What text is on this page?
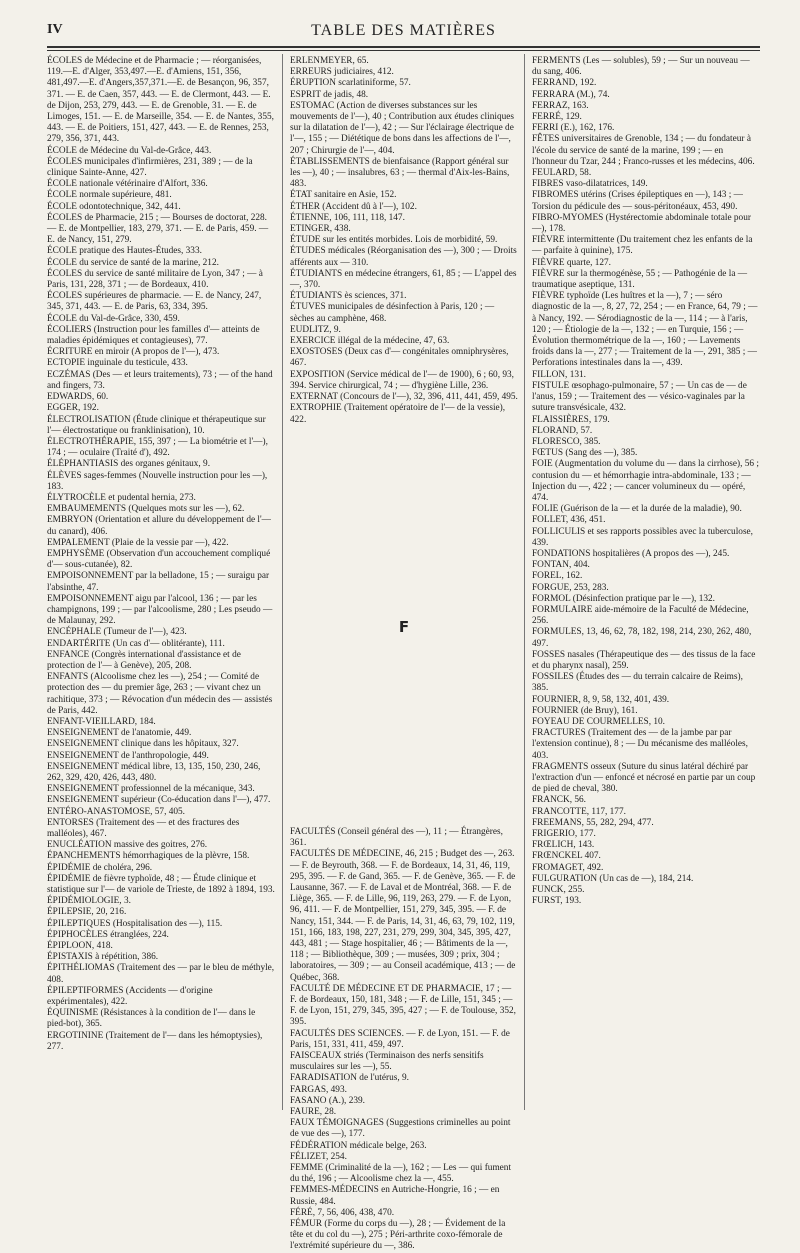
IV	TABLE DES MATIÈRES
ÉCOLES de Médecine et de Pharmacie ; — réorganisées, 119.—E. d'Alger, 353,497.—E. d'Amiens, 151, 356, 481,497.—E. d'Angers,357,371.—E. de Besançon, 96, 357, 371. — E. de Caen, 357, 443. — E. de Clermont, 443. — E. de Dijon, 253, 279, 443. — E. de Grenoble, 31. — E. de Limoges, 151. — E. de Marseille, 354. — E. de Nantes, 355, 443. — E. de Poitiers, 151, 427, 443. — E. de Rennes, 253, 279, 356, 371, 443.
ÉCOLE de Médecine du Val-de-Grâce, 443.
ÉCOLES municipales d'infirmières, 231, 389 ; — de la clinique Sainte-Anne, 427.
ÉCOLE nationale vétérinaire d'Alfort, 336.
ÉCOLE normale supérieure, 481.
ÉCOLE odontotechnique, 342, 441.
ÉCOLES de Pharmacie, 215 ; — Bourses de doctorat, 228. — E. de Montpellier, 183, 279, 371. — E. de Paris, 459. — E. de Nancy, 151, 279.
ÉCOLE pratique des Hautes-Études, 333.
ÉCOLE du service de santé de la marine, 212.
ÉCOLES du service de santé militaire de Lyon, 347 ; — à Paris, 131, 228, 371 ; — de Bordeaux, 410.
ÉCOLES supérieures de pharmacie. — E. de Nancy, 247, 345, 371, 443. — E. de Paris, 63, 334, 395.
ÉCOLE du Val-de-Grâce, 330, 459.
ÉCOLIERS (Instruction pour les familles d'— atteints de maladies épidémiques et contagieuses), 77.
ÉCRITURE en miroir (A propos de l'—), 473.
ECTOPIE inguinale du testicule, 433.
ECZÉMAS (Des — et leurs traitements), 73 ; — of the hand and fingers, 73.
EDWARDS, 60.
EGGER, 192.
ÉLECTROLISATION (Étude clinique et thérapeutique sur l'— électrostatique ou franklinisation), 10.
ÉLECTROTHÉRAPIE, 155, 397 ; — La biométrie et l'—), 174 ; — oculaire (Traité d'), 492.
ÉLÉPHANTIASIS des organes génitaux, 9.
ÉLÈVES sages-femmes (Nouvelle instruction pour les —), 183.
ÉLYTROCÈLE et pudental hernia, 273.
EMBAUMEMENTS (Quelques mots sur les —), 62.
EMBRYON (Orientation et allure du développement de l'— du canard), 406.
EMPALEMENT (Plaie de la vessie par —), 422.
EMPHYSÈME (Observation d'un accouchement compliqué d'— sous-cutanée), 82.
EMPOISONNEMENT par la belladone, 15 ; — suraigu par l'absinthe, 47.
EMPOISONNEMENT aigu par l'alcool, 136 ; — par les champignons, 199 ; — par l'alcoolisme, 280 ; Les pseudo — de Malaunay, 292.
ENCÉPHALE (Tumeur de l'—), 423.
ENDARTÉRITE (Un cas d'— oblitérante), 111.
ENFANCE (Congrès international d'assistance et de protection de l'— à Genève), 205, 208.
ENFANTS (Alcoolisme chez les —), 254 ; — Comité de protection des — du premier âge, 263 ; — vivant chez un rachitique, 373 ; — Révocation d'un médecin des — assistés de Paris, 442.
ENFANT-VIEILLARD, 184.
ENSEIGNEMENT de l'anatomie, 449.
ENSEIGNEMENT clinique dans les hôpitaux, 327.
ENSEIGNEMENT de l'anthropologie, 449.
ENSEIGNEMENT médical libre, 13, 135, 150, 230, 246, 262, 329, 420, 426, 443, 480.
ENSEIGNEMENT professionnel de la mécanique, 343.
ENSEIGNEMENT supérieur (Co-éducation dans l'—), 477.
ENTÉRO-ANASTOMOSE, 57, 405.
ENTORSES (Traitement des — et des fractures des malléoles), 467.
ENUCLÉATION massive des goitres, 276.
ÉPANCHEMENTS hémorrhagiques de la plèvre, 158.
ÉPIDÉMIE de choléra, 296.
ÉPIDÉMIE de fièvre typhoïde, 48 ; — Étude clinique et statistique sur l'— de variole de Trieste, de 1892 à 1894, 193.
ÉPIDÉMIOLOGIE, 3.
ÉPILEPSIE, 20, 216.
ÉPILEPTIQUES (Hospitalisation des —), 115.
ÉPIPHOCÈLES étranglées, 224.
ÉPIPLOON, 418.
ÉPISTAXIS à répétition, 386.
ÉPITHÉLIOMAS (Traitement des — par le bleu de méthyle, 408.
ÉPILEPTIFORMES (Accidents — d'origine expérimentales), 422.
ÉQUINISME (Résistances à la condition de l'— dans le pied-bot), 365.
ERGOTININE (Traitement de l'— dans les hémoptysies), 277.
ERLENMEYER, 65.
ERREURS judiciaires, 412.
ÉRUPTION scarlatiniforme, 57.
ESPRIT de jadis, 48.
ESTOMAC (Action de diverses substances sur les mouvements de l'—), 40 ; Contribution aux études cliniques sur la dilatation de l'—), 42 ; — Sur l'éclairage électrique de l'—, 155 ; — Diététique de bons dans les affections de l'—, 207 ; Chirurgie de l'—, 404.
ÉTABLISSEMENTS de bienfaisance (Rapport général sur les —), 40 ; — insalubres, 63 ; — thermal d'Aix-les-Bains, 483.
ÉTAT sanitaire en Asie, 152.
ÉTHER (Accident dû à l'—), 102.
ÉTIENNE, 106, 111, 118, 147.
ETINGER, 438.
ÉTUDE sur les entités morbides. Lois de morbidité, 59.
ÉTUDES médicales (Réorganisation des —), 300 ; — Droits afférents aux — 310.
ÉTUDIANTS en médecine étrangers, 61, 85 ; — L'appel des —, 370.
ÉTUDIANTS ès sciences, 371.
ÉTUVES municipales de désinfection à Paris, 120 ; — sèches au camphène, 468.
EUDLITZ, 9.
EXERCICE illégal de la médecine, 47, 63.
EXOSTOSES (Deux cas d'— congénitales omniphrysères, 467.
EXPOSITION (Service médical de l'— de 1900), 6 ; 60, 93, 394. Service chirurgical, 74 ; — d'hygiène Lille, 236.
EXTERNAT (Concours de l'—), 32, 396, 411, 441, 459, 495.
EXTROPHIE (Traitement opératoire de l'— de la vessie), 422.
F
FACULTÉS (Conseil général des —), 11 ; — Étrangères, 361.
FACULTÉS DE MÉDECINE, 46, 215 ; Budget des —, 263. — F. de Beyrouth, 368. — F. de Bordeaux, 14, 31, 46, 119, 295, 395. — F. de Gand, 365. — F. de Genève, 365. — F. de Lausanne, 367. — F. de Laval et de Montréal, 368. — F. de Liège, 365. — F. de Lille, 96, 119, 263, 279. — F. de Lyon, 96, 411. — F. de Montpellier, 151, 279, 345, 395. — F. de Nancy, 151, 344. — F. de Paris, 14, 31, 46, 63, 79, 102, 119, 151, 166, 183, 198, 227, 231, 279, 299, 304, 345, 395, 427, 443, 481 ; — Stage hospitalier, 46 ; — Bâtiments de la —, 118 ; — Bibliothèque, 309 ; — musées, 309 ; prix, 304 ; laboratoires, — 309 ; — au Conseil académique, 413 ; — de Québec, 368.
FACULTÉ DE MÉDECINE ET DE PHARMACIE, 17 ; — F. de Bordeaux, 150, 181, 348 ; — F. de Lille, 151, 345 ; — F. de Lyon, 151, 279, 345, 395, 427 ; — F. de Toulouse, 352, 395.
FACULTÉS DES SCIENCES. — F. de Lyon, 151. — F. de Paris, 151, 331, 411, 459, 497.
FAISCEAUX striés (Terminaison des nerfs sensitifs musculaires sur les —), 55.
FARADISATION de l'utérus, 9.
FARGAS, 493.
FASANO (A.), 239.
FAURE, 28.
FAUX TÉMOIGNAGES (Suggestions criminelles au point de vue des —), 177.
FÉDÉRATION médicale belge, 263.
FÉLIZET, 254.
FEMME (Criminalité de la —), 162 ; — Les — qui fument du thé, 196 ; — Alcoolisme chez la —, 455.
FEMMES-MÉDECINS en Autriche-Hongrie, 16 ; — en Russie, 484.
FÉRÉ, 7, 56, 406, 438, 470.
FÉMUR (Forme du corps du —), 28 ; — Évidement de la tête et du col du —), 275 ; Péri-arthrite coxo-fémorale de l'extrémité supérieure du —, 386.
FERMENTS (Les — solubles), 59 ; — Sur un nouveau — du sang, 406.
FERRAND, 192.
FERRARA (M.), 74.
FERRAZ, 163.
FERRÉ, 129.
FERRI (E.), 162, 176.
FÊTES universitaires de Grenoble, 134 ; — du fondateur à l'école du service de santé de la marine, 199 ; — en l'honneur du Tzar, 244 ; Franco-russes et les médecins, 406.
FEULARD, 58.
FIBRES vaso-dilatatrices, 149.
FIBROMES utérins (Crises épileptiques en —), 143 ; — Torsion du pédicule des — sous-péritonéaux, 453, 490.
FIBRO-MYOMES (Hystérectomie abdominale totale pour —), 178.
FIÈVRE intermittente (Du traitement chez les enfants de la — parfaite à quinine), 175.
FIÈVRE quarte, 127.
FIÈVRE sur la thermogénèse, 55 ; — Pathogénie de la — traumatique aseptique, 131.
FIÈVRE typhoïde (Les huîtres et la —), 7 ; — séro diagnostic de la —, 8, 27, 72, 254 ; — en France, 64, 79 ; — à Nancy, 192. — Sérodiagnostic de la —, 114 ; — à l'aris, 120 ; — Étiologie de la —, 132 ; — en Turquie, 156 ; — Évolution thermométrique de la —, 160 ; — Lavements froids dans la —, 277 ; — Traitement de la —, 291, 385 ; — Perforations intestinales dans la —, 439.
FILLON, 131.
FISTULE œsophago-pulmonaire, 57 ; — Un cas de — de l'anus, 159 ; — Traitement des — vésico-vaginales par la suture transvésicale, 432.
FLAISSIÈRES, 179.
FLORAND, 57.
FLORESCO, 385.
FŒTUS (Sang des —), 385.
FOIE (Augmentation du volume du — dans la cirrhose), 56 ; contusion du — et hémorrhagie intra-abdominale, 133 ; — Injection du —, 422 ; — cancer volumineux du — opéré, 474.
FOLIE (Guérison de la — et la durée de la maladie), 90.
FOLLET, 436, 451.
FOLLICULIS et ses rapports possibles avec la tuberculose, 439.
FONDATIONS hospitalières (A propos des —), 245.
FONTAN, 404.
FOREL, 162.
FORGUE, 253, 283.
FORMOL (Désinfection pratique par le —), 132.
FORMULAIRE aide-mémoire de la Faculté de Médecine, 256.
FORMULES, 13, 46, 62, 78, 182, 198, 214, 230, 262, 480, 497.
FOSSES nasales (Thérapeutique des — des tissus de la face et du pharynx nasal), 259.
FOSSILES (Études des — du terrain calcaire de Reims), 385.
FOURNIER, 8, 9, 58, 132, 401, 439.
FOURNIER (de Bruy), 161.
FOYEAU DE COURMELLES, 10.
FRACTURES (Traitement des — de la jambe par par l'extension continue), 8 ; — Du mécanisme des malléoles, 403.
FRAGMENTS osseux (Suture du sinus latéral déchiré par l'extraction d'un — enfoncé et nécrosé en partie par un coup de pied de cheval, 380.
FRANCK, 56.
FRANCOTTE, 117, 177.
FREEMANS, 55, 282, 294, 477.
FRIGERIO, 177.
FRŒLICH, 143.
FRŒNCKEL 407.
FROMAGET, 492.
FULGURATION (Un cas de —), 184, 214.
FUNCK, 255.
FURST, 193.
